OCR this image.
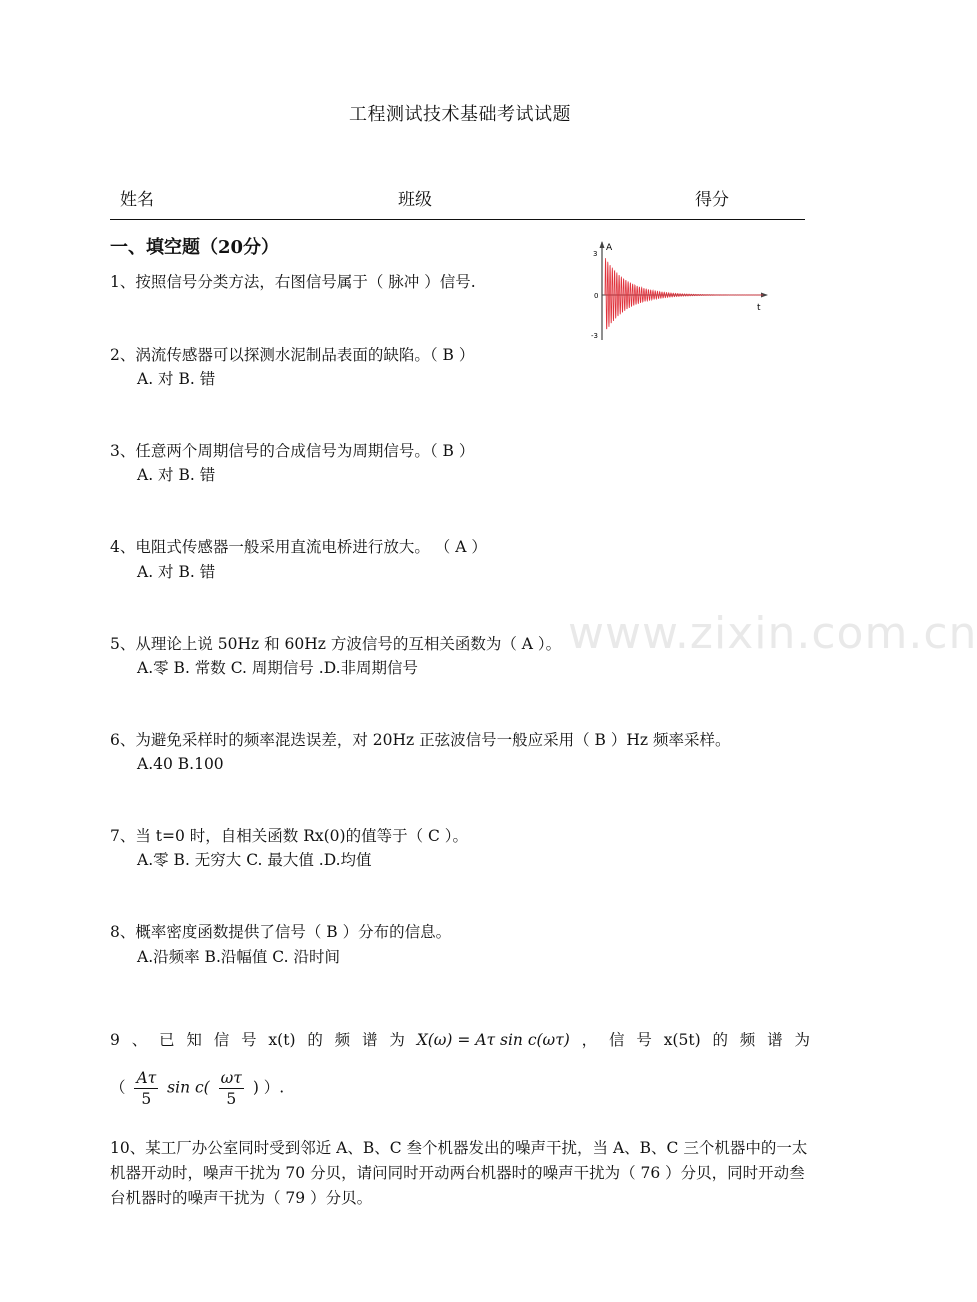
工程测试技术基础考试试题
姓名	班级	得分
一、填空题（20分）	A
t
3
0
-3
1、按照信号分类方法，右图信号属于（ 脉冲 ）信号.
2、涡流传感器可以探测水泥制品表面的缺陷。（ B ）
A. 对 B. 错
3、任意两个周期信号的合成信号为周期信号。（ B ）
A. 对 B. 错
4、电阻式传感器一般采用直流电桥进行放大。 （ A ）
A. 对 B. 错
www.zixin.com.cn
5、从理论上说 50Hz 和 60Hz 方波信号的互相关函数为（ A ）。
A.零 B. 常数 C. 周期信号 .D.非周期信号
6、为避免采样时的频率混迭误差，对 20Hz 正弦波信号一般应采用（ B ）Hz 频率采样。
A.40 B.100
7、当 t=0 时，自相关函数 Rx(0)的值等于（ C ）。
A.零 B. 无穷大 C. 最大值 .D.均值
8、概率密度函数提供了信号（ B ）分布的信息。
A.沿频率 B.沿幅值 C. 沿时间
9 、 已 知 信 号 x(t) 的 频 谱 为 X(ω) = Aτ sin c(ωτ) ， 信 号 x(5t) 的 频 谱 为
（ $\frac{A\tau}{5}$ $\sin c( \frac{\omega\tau}{5}$ ) ）.
10、某工厂办公室同时受到邻近 A、B、C 叁个机器发出的噪声干扰，当 A、B、C 三个机器中的一太机器开动时，噪声干扰为 70 分贝，请问同时开动两台机器时的噪声干扰为（ 76 ）分贝，同时开动叁台机器时的噪声干扰为（ 79 ）分贝。
